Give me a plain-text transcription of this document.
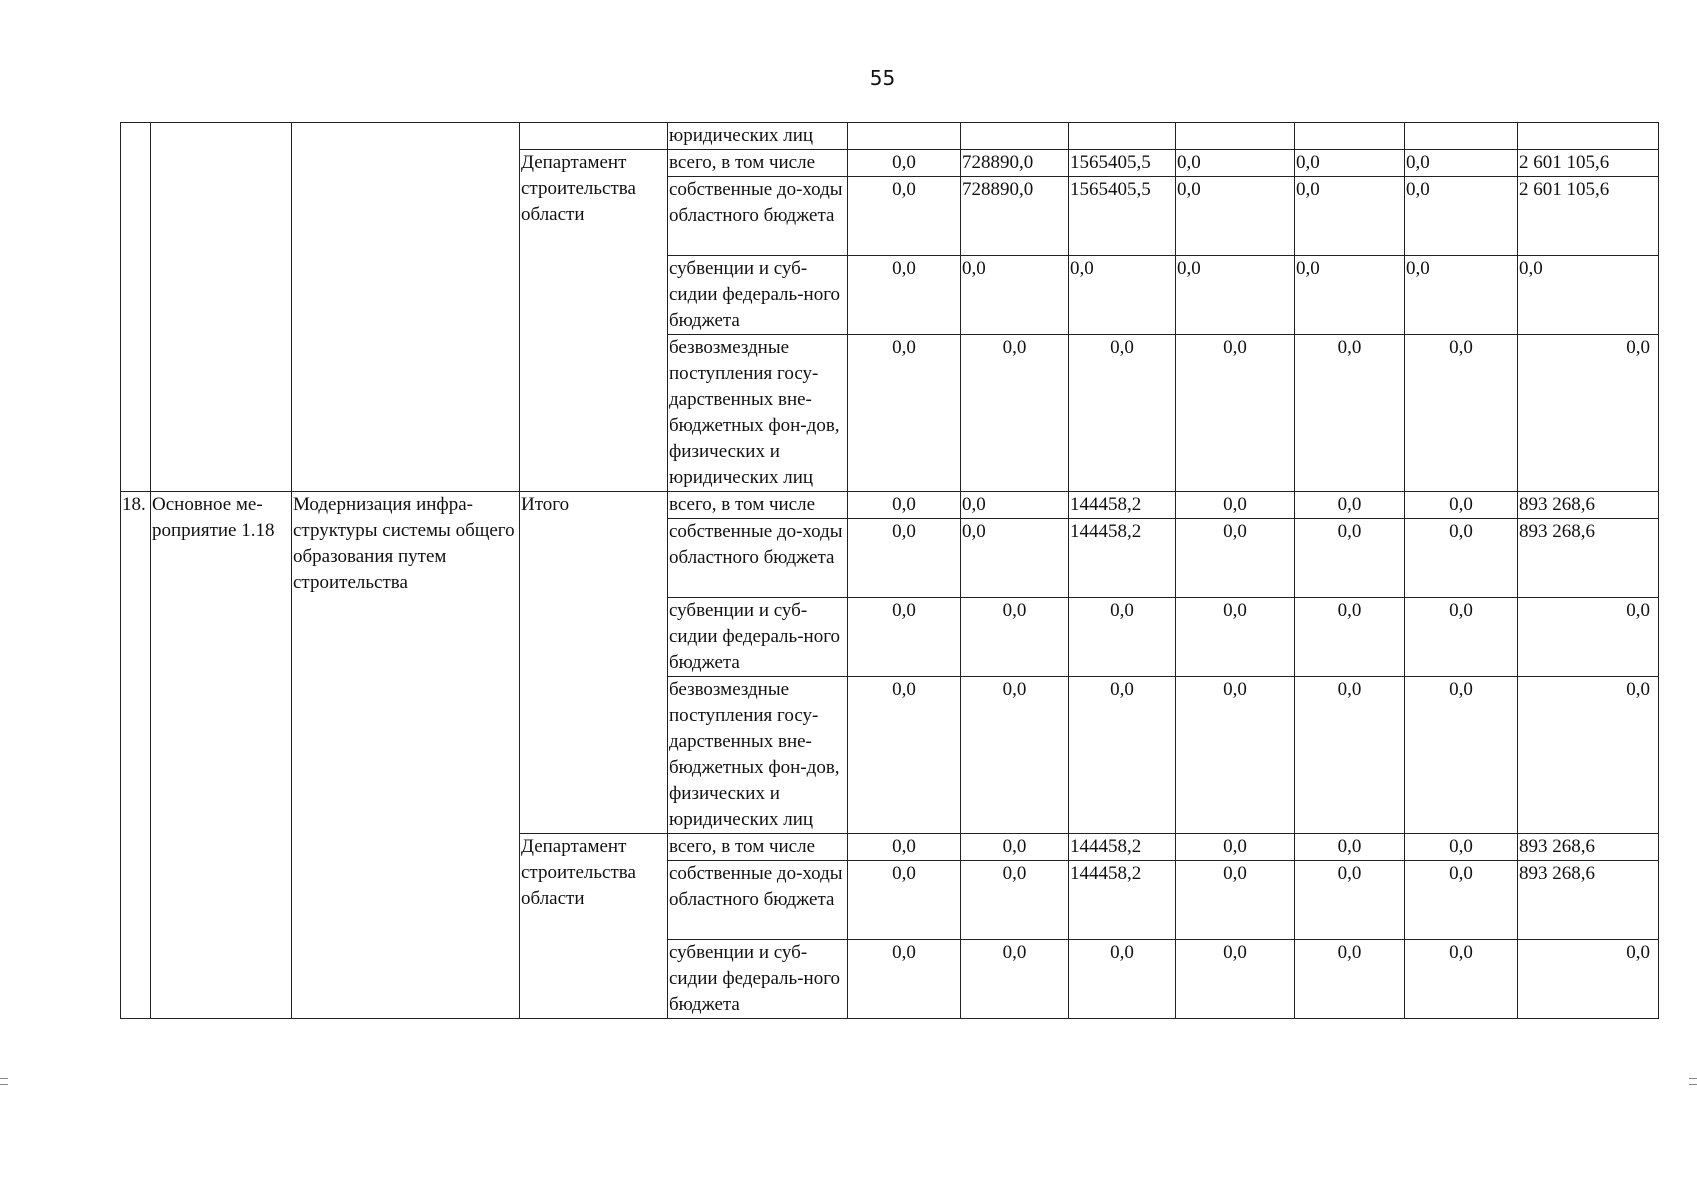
55
				юридических лиц							
			Департамент строительства области	всего, в том числе	0,0	728890,0	1565405,5	0,0	0,0	0,0	2 601 105,6
				собственные до-ходы областного бюджета	0,0	728890,0	1565405,5	0,0	0,0	0,0	2 601 105,6
				субвенции и суб-сидии федераль-ного бюджета	0,0	0,0	0,0	0,0	0,0	0,0	0,0
				безвозмездные поступления госу-дарственных вне-бюджетных фон-дов, физических и юридических лиц	0,0	0,0	0,0	0,0	0,0	0,0	0,0
18.	Основное ме-роприятие 1.18	Модернизация инфра-структуры системы общего образования путем строительства	Итого	всего, в том числе	0,0	0,0	144458,2	0,0	0,0	0,0	893 268,6
				собственные до-ходы областного бюджета	0,0	0,0	144458,2	0,0	0,0	0,0	893 268,6
				субвенции и суб-сидии федераль-ного бюджета	0,0	0,0	0,0	0,0	0,0	0,0	0,0
				безвозмездные поступления госу-дарственных вне-бюджетных фон-дов, физических и юридических лиц	0,0	0,0	0,0	0,0	0,0	0,0	0,0
			Департамент строительства области	всего, в том числе	0,0	0,0	144458,2	0,0	0,0	0,0	893 268,6
				собственные до-ходы областного бюджета	0,0	0,0	144458,2	0,0	0,0	0,0	893 268,6
				субвенции и суб-сидии федераль-ного бюджета	0,0	0,0	0,0	0,0	0,0	0,0	0,0
